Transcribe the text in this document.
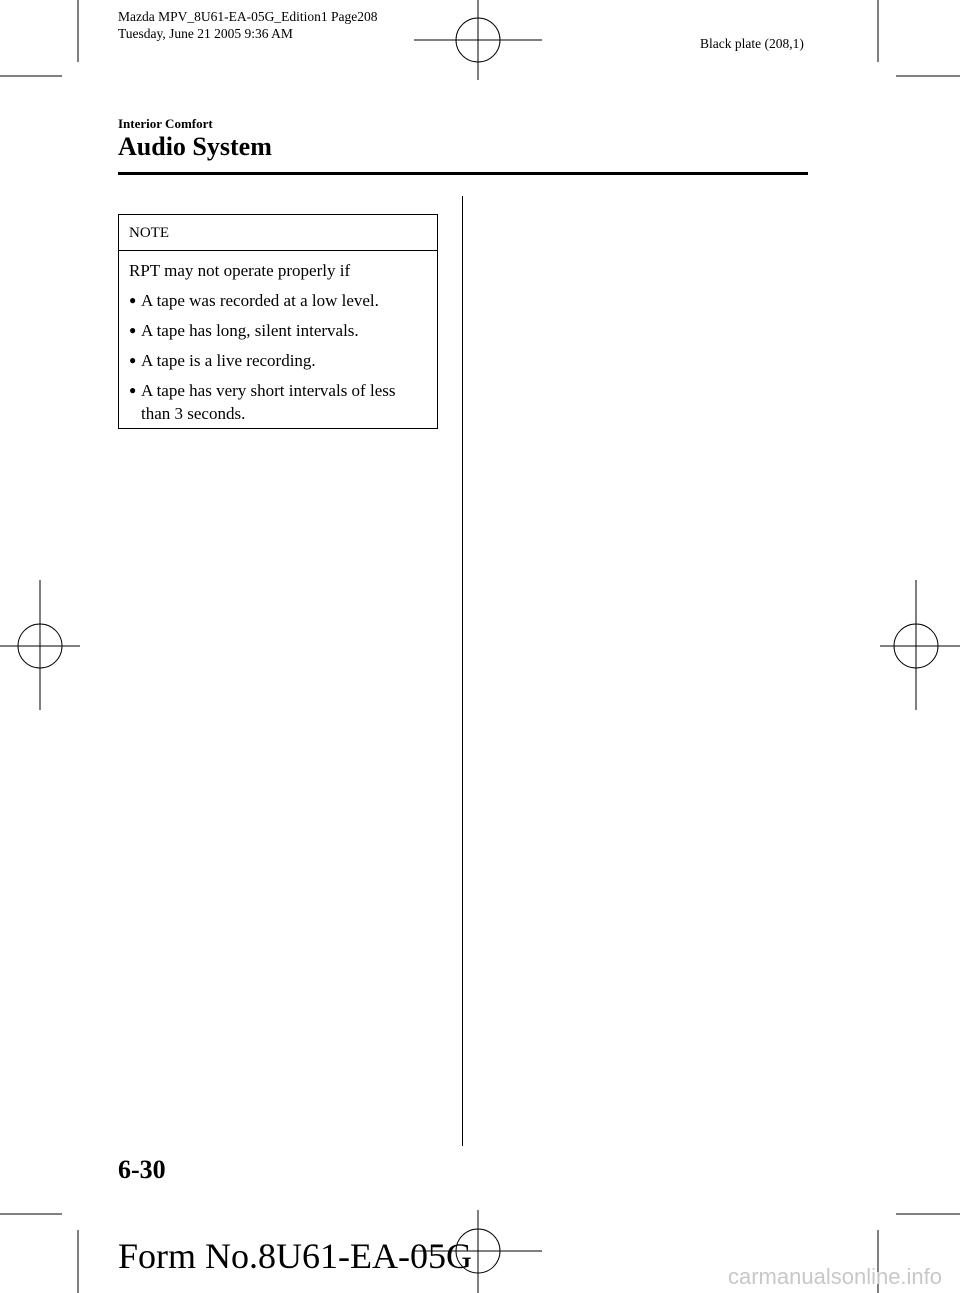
Mazda MPV_8U61-EA-05G_Edition1 Page208
Tuesday, June 21 2005 9:36 AM
Black plate (208,1)
Interior Comfort
Audio System
NOTE
RPT may not operate properly if
● A tape was recorded at a low level.
● A tape has long, silent intervals.
● A tape is a live recording.
● A tape has very short intervals of less than 3 seconds.
6-30
Form No.8U61-EA-05G
carmanualsonline.info
